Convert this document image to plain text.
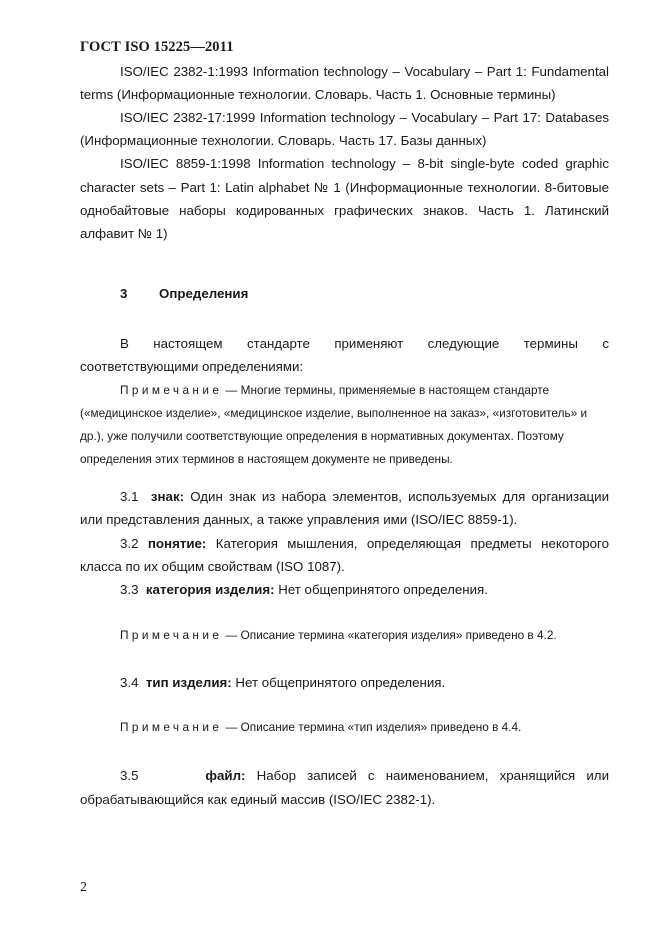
ГОСТ ISO 15225—2011
ISO/IEC 2382-1:1993 Information technology – Vocabulary – Part 1: Fundamental
terms (Информационные технологии. Словарь. Часть 1. Основные термины)
ISO/IEC 2382-17:1999 Information technology – Vocabulary – Part 17: Databases
(Информационные технологии. Словарь. Часть 17. Базы данных)
ISO/IEC 8859-1:1998 Information technology – 8-bit single-byte coded graphic
character sets – Part 1: Latin alphabet № 1 (Информационные технологии. 8-битовые
однобайтовые наборы кодированных графических знаков. Часть 1. Латинский
алфавит № 1)
3 Определения
В настоящем стандарте применяют следующие термины с
соответствующими определениями:
Примечание — Многие термины, применяемые в настоящем стандарте
(«медицинское изделие», «медицинское изделие, выполненное на заказ», «изготовитель» и
др.), уже получили соответствующие определения в нормативных документах. Поэтому
определения этих терминов в настоящем документе не приведены.
3.1 знак: Один знак из набора элементов, используемых для организации
или представления данных, а также управления ими (ISO/IEC 8859-1).
3.2 понятие: Категория мышления, определяющая предметы некоторого
класса по их общим свойствам (ISO 1087).
3.3 категория изделия: Нет общепринятого определения.
Примечание — Описание термина «категория изделия» приведено в 4.2.
3.4 тип изделия: Нет общепринятого определения.
Примечание — Описание термина «тип изделия» приведено в 4.4.
3.5	файл: Набор записей с наименованием, хранящийся или
обрабатывающийся как единый массив (ISO/IEC 2382-1).
2
